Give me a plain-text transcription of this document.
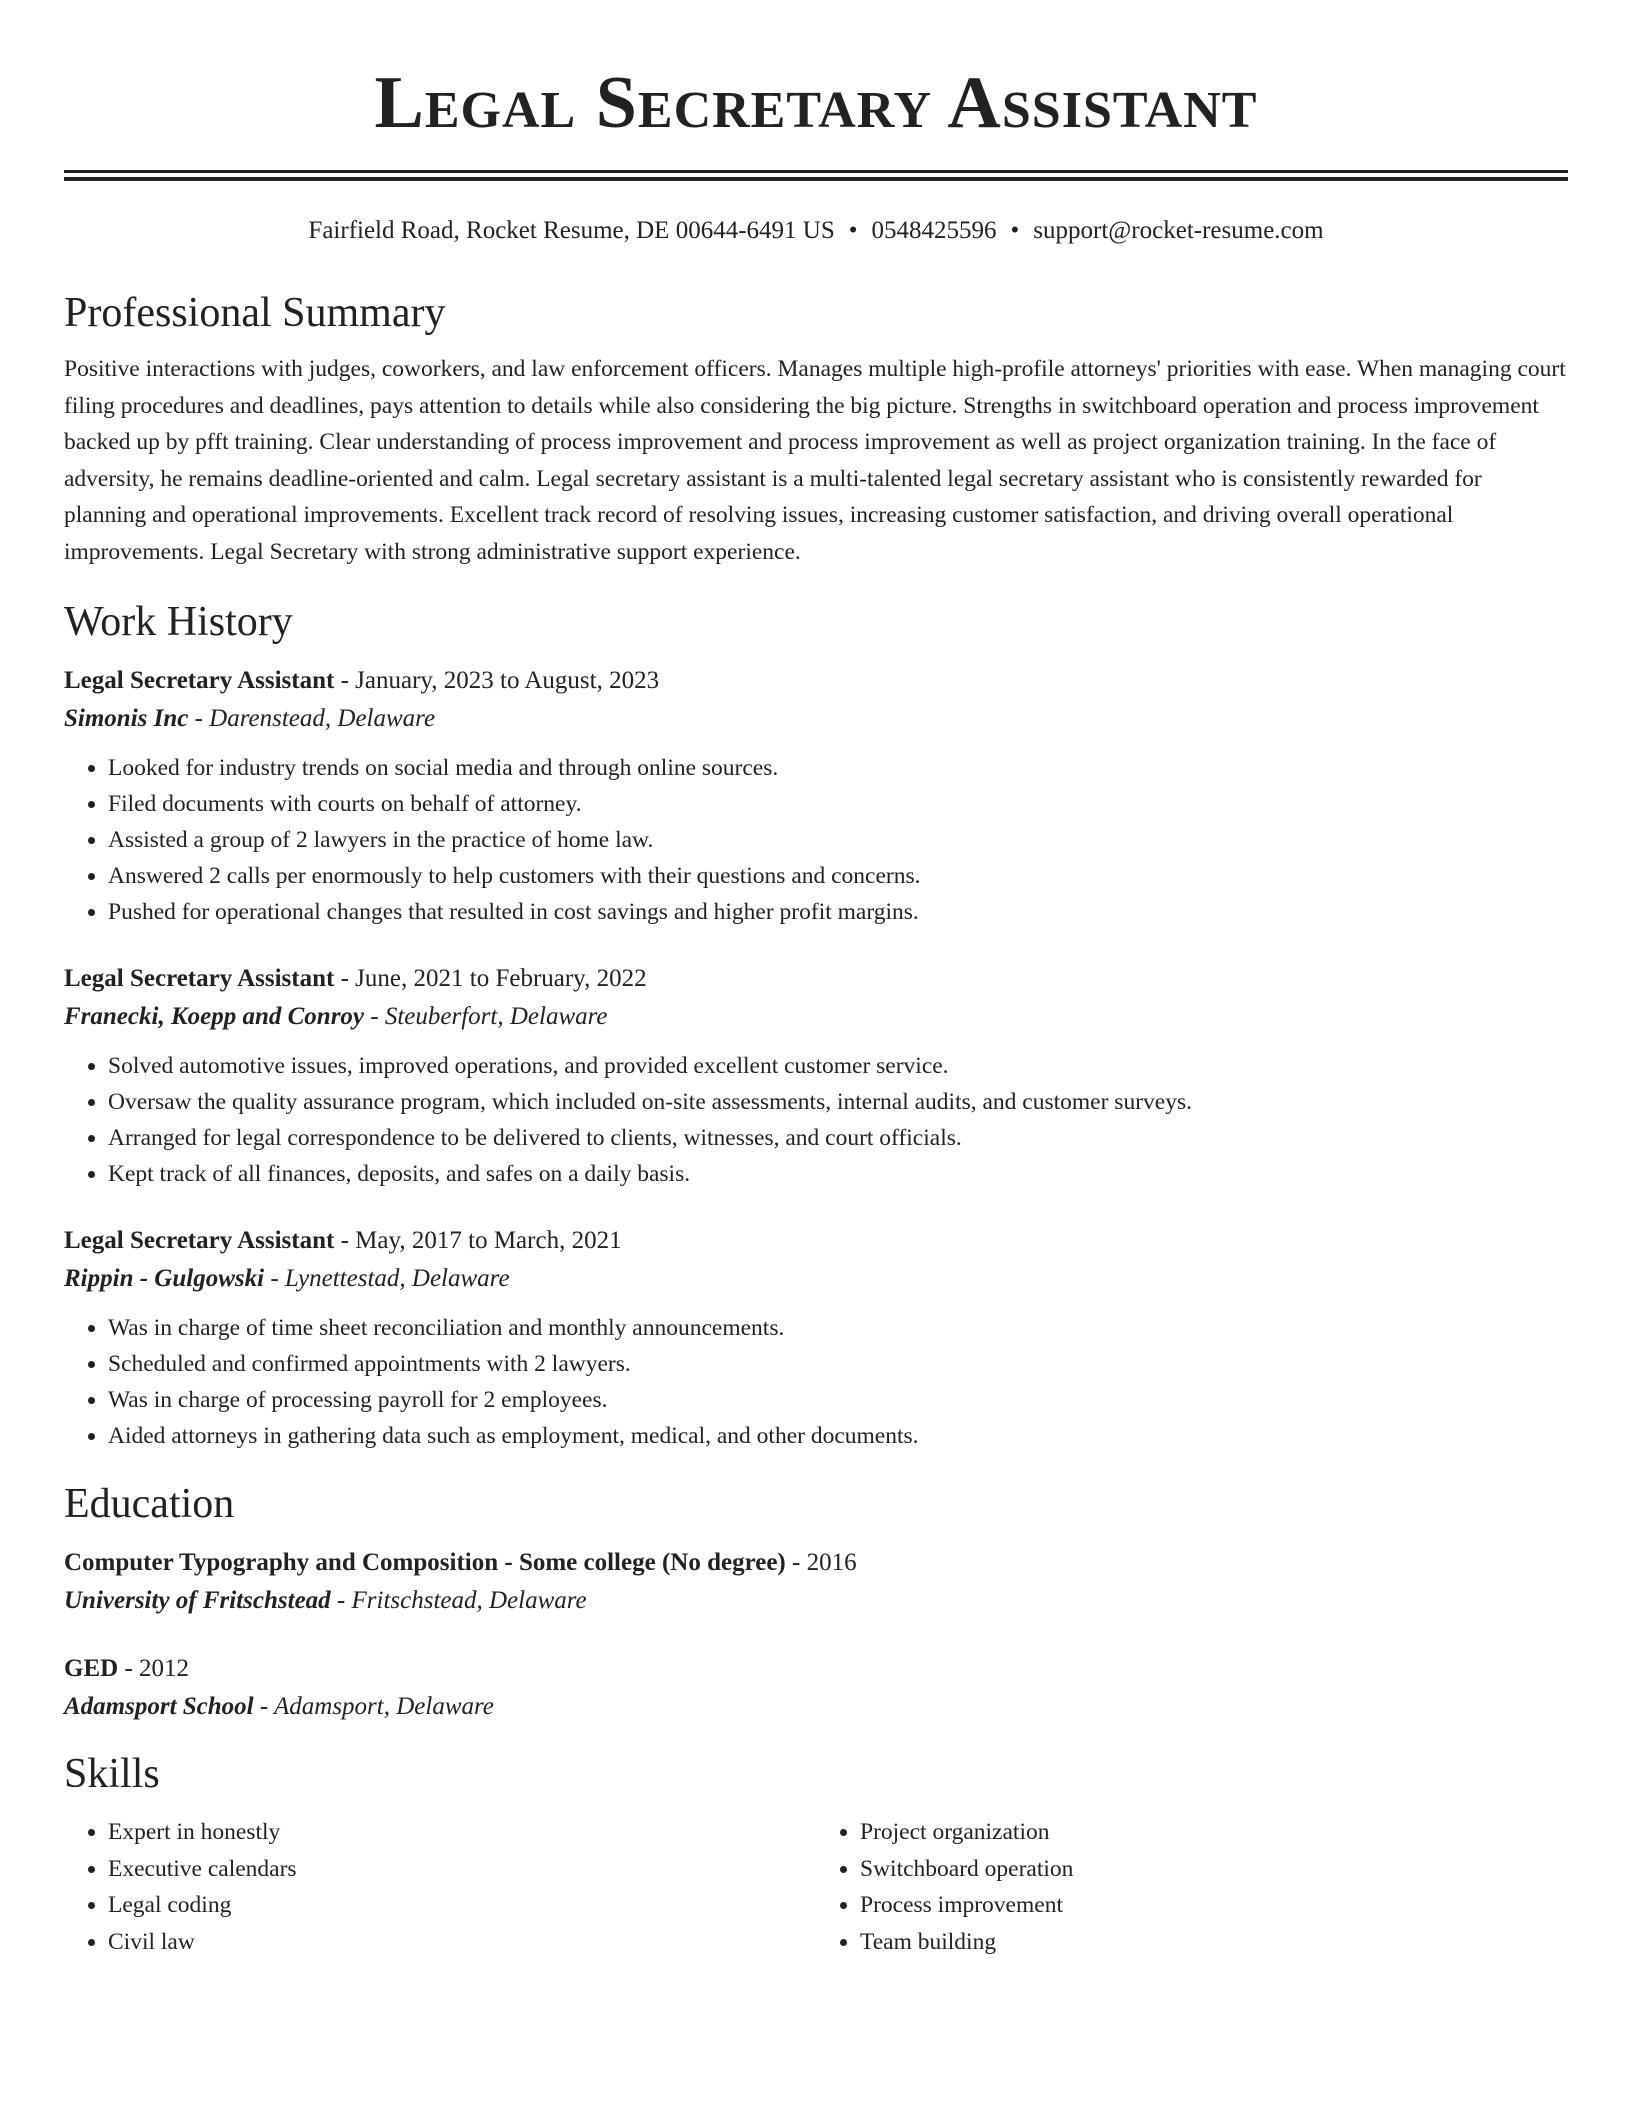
Legal Secretary Assistant
Fairfield Road, Rocket Resume, DE 00644-6491 US • 0548425596 • support@rocket-resume.com
Professional Summary

Positive interactions with judges, coworkers, and law enforcement officers. Manages multiple high-profile attorneys' priorities with ease. When managing court filing procedures and deadlines, pays attention to details while also considering the big picture. Strengths in switchboard operation and process improvement backed up by pfft training. Clear understanding of process improvement and process improvement as well as project organization training. In the face of adversity, he remains deadline-oriented and calm. Legal secretary assistant is a multi-talented legal secretary assistant who is consistently rewarded for planning and operational improvements. Excellent track record of resolving issues, increasing customer satisfaction, and driving overall operational improvements. Legal Secretary with strong administrative support experience.

Work History
Legal Secretary Assistant - January, 2023 to August, 2023
Simonis Inc - Darenstead, Delaware
• Looked for industry trends on social media and through online sources.
• Filed documents with courts on behalf of attorney.
• Assisted a group of 2 lawyers in the practice of home law.
• Answered 2 calls per enormously to help customers with their questions and concerns.
• Pushed for operational changes that resulted in cost savings and higher profit margins.
Legal Secretary Assistant - June, 2021 to February, 2022
Franecki, Koepp and Conroy - Steuberfort, Delaware
• Solved automotive issues, improved operations, and provided excellent customer service.
• Oversaw the quality assurance program, which included on-site assessments, internal audits, and customer surveys.
• Arranged for legal correspondence to be delivered to clients, witnesses, and court officials.
• Kept track of all finances, deposits, and safes on a daily basis.
Legal Secretary Assistant - May, 2017 to March, 2021
Rippin - Gulgowski - Lynettestad, Delaware
• Was in charge of time sheet reconciliation and monthly announcements.
• Scheduled and confirmed appointments with 2 lawyers.
• Was in charge of processing payroll for 2 employees.
• Aided attorneys in gathering data such as employment, medical, and other documents.
Education
Computer Typography and Composition - Some college (No degree) - 2016
University of Fritschstead - Fritschstead, Delaware
GED - 2012
Adamsport School - Adamsport, Delaware
Skills
• Expert in honestly
• Executive calendars
• Legal coding
• Civil law
• Project organization
• Switchboard operation
• Process improvement
• Team building
